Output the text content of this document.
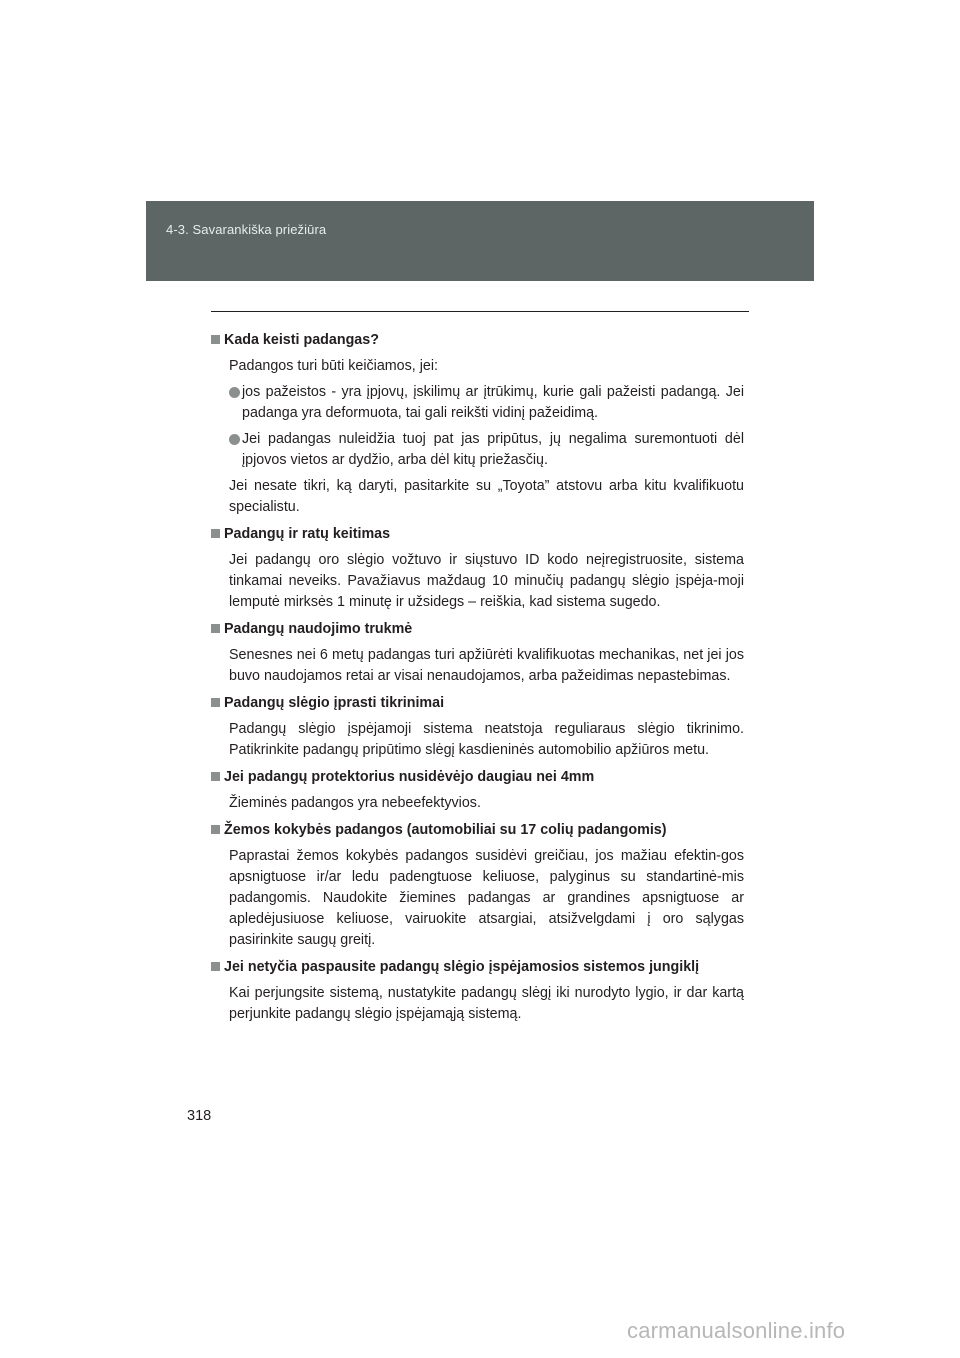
4-3. Savarankiška priežiūra
Kada keisti padangas?

Padangos turi būti keičiamos, jei:

jos pažeistos - yra įpjovų, įskilimų ar įtrūkimų, kurie gali pažeisti padangą. Jei padanga yra deformuota, tai gali reikšti vidinį pažeidimą.
Jei padangas nuleidžia tuoj pat jas pripūtus, jų negalima suremontuoti dėl įpjovos vietos ar dydžio, arba dėl kitų priežasčių.

Jei nesate tikri, ką daryti, pasitarkite su „Toyota” atstovu arba kitu kvalifikuotu specialistu.

Padangų ir ratų keitimas

Jei padangų oro slėgio vožtuvo ir siųstuvo ID kodo neįregistruosite, sistema tinkamai neveiks. Pavažiavus maždaug 10 minučių padangų slėgio įspėja-moji lemputė mirksės 1 minutę ir užsidegs – reiškia, kad sistema sugedo.

Padangų naudojimo trukmė

Senesnes nei 6 metų padangas turi apžiūrėti kvalifikuotas mechanikas, net jei jos buvo naudojamos retai ar visai nenaudojamos, arba pažeidimas nepastebimas.

Padangų slėgio įprasti tikrinimai

Padangų slėgio įspėjamoji sistema neatstoja reguliaraus slėgio tikrinimo. Patikrinkite padangų pripūtimo slėgį kasdieninės automobilio apžiūros metu.

Jei padangų protektorius nusidėvėjo daugiau nei 4mm

Žieminės padangos yra nebeefektyvios.

Žemos kokybės padangos (automobiliai su 17 colių padangomis)

Paprastai žemos kokybės padangos susidėvi greičiau, jos mažiau efektin-gos apsnigtuose ir/ar ledu padengtuose keliuose, palyginus su standartinė-mis padangomis. Naudokite žiemines padangas ar grandines apsnigtuose ar apledėjusiuose keliuose, vairuokite atsargiai, atsižvelgdami į oro sąlygas pasirinkite saugų greitį.

Jei netyčia paspausite padangų slėgio įspėjamosios sistemos jungiklį

Kai perjungsite sistemą, nustatykite padangų slėgį iki nurodyto lygio, ir dar kartą perjunkite padangų slėgio įspėjamąją sistemą.

318
carmanualsonline.info
